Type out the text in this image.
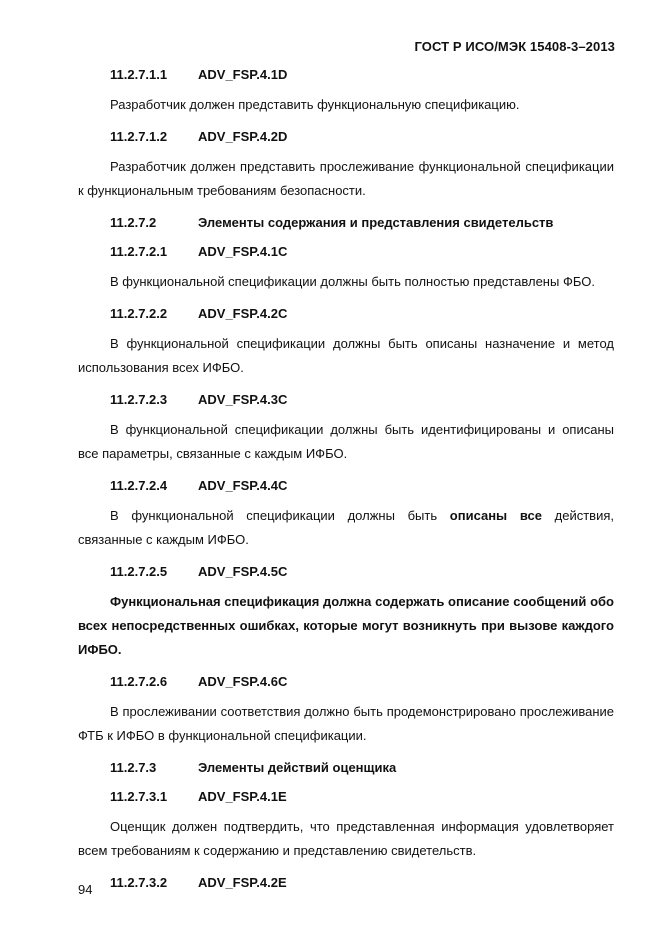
ГОСТ Р ИСО/МЭК 15408-3–2013
11.2.7.1.1 ADV_FSP.4.1D

Разработчик должен представить функциональную спецификацию.

11.2.7.1.2 ADV_FSP.4.2D

Разработчик должен представить прослеживание функциональной спецификации к функциональным требованиям безопасности.

11.2.7.2	Элементы содержания и представления свидетельств
11.2.7.2.1 ADV_FSP.4.1C

В функциональной спецификации должны быть полностью представлены ФБО.

11.2.7.2.2 ADV_FSP.4.2C

В функциональной спецификации должны быть описаны назначение и метод использования всех ИФБО.

11.2.7.2.3 ADV_FSP.4.3C

В функциональной спецификации должны быть идентифицированы и описаны все параметры, связанные с каждым ИФБО.

11.2.7.2.4 ADV_FSP.4.4C

В функциональной спецификации должны быть описаны все действия, связанные с каждым ИФБО.

11.2.7.2.5 ADV_FSP.4.5C

Функциональная спецификация должна содержать описание сообщений обо всех непосредственных ошибках, которые могут возникнуть при вызове каждого ИФБО.

11.2.7.2.6 ADV_FSP.4.6C

В прослеживании соответствия должно быть продемонстрировано прослеживание ФТБ к ИФБО в функциональной спецификации.

11.2.7.3	Элементы действий оценщика
11.2.7.3.1 ADV_FSP.4.1E

Оценщик должен подтвердить, что представленная информация удовлетворяет всем требованиям к содержанию и представлению свидетельств.

11.2.7.3.2 ADV_FSP.4.2E
94
